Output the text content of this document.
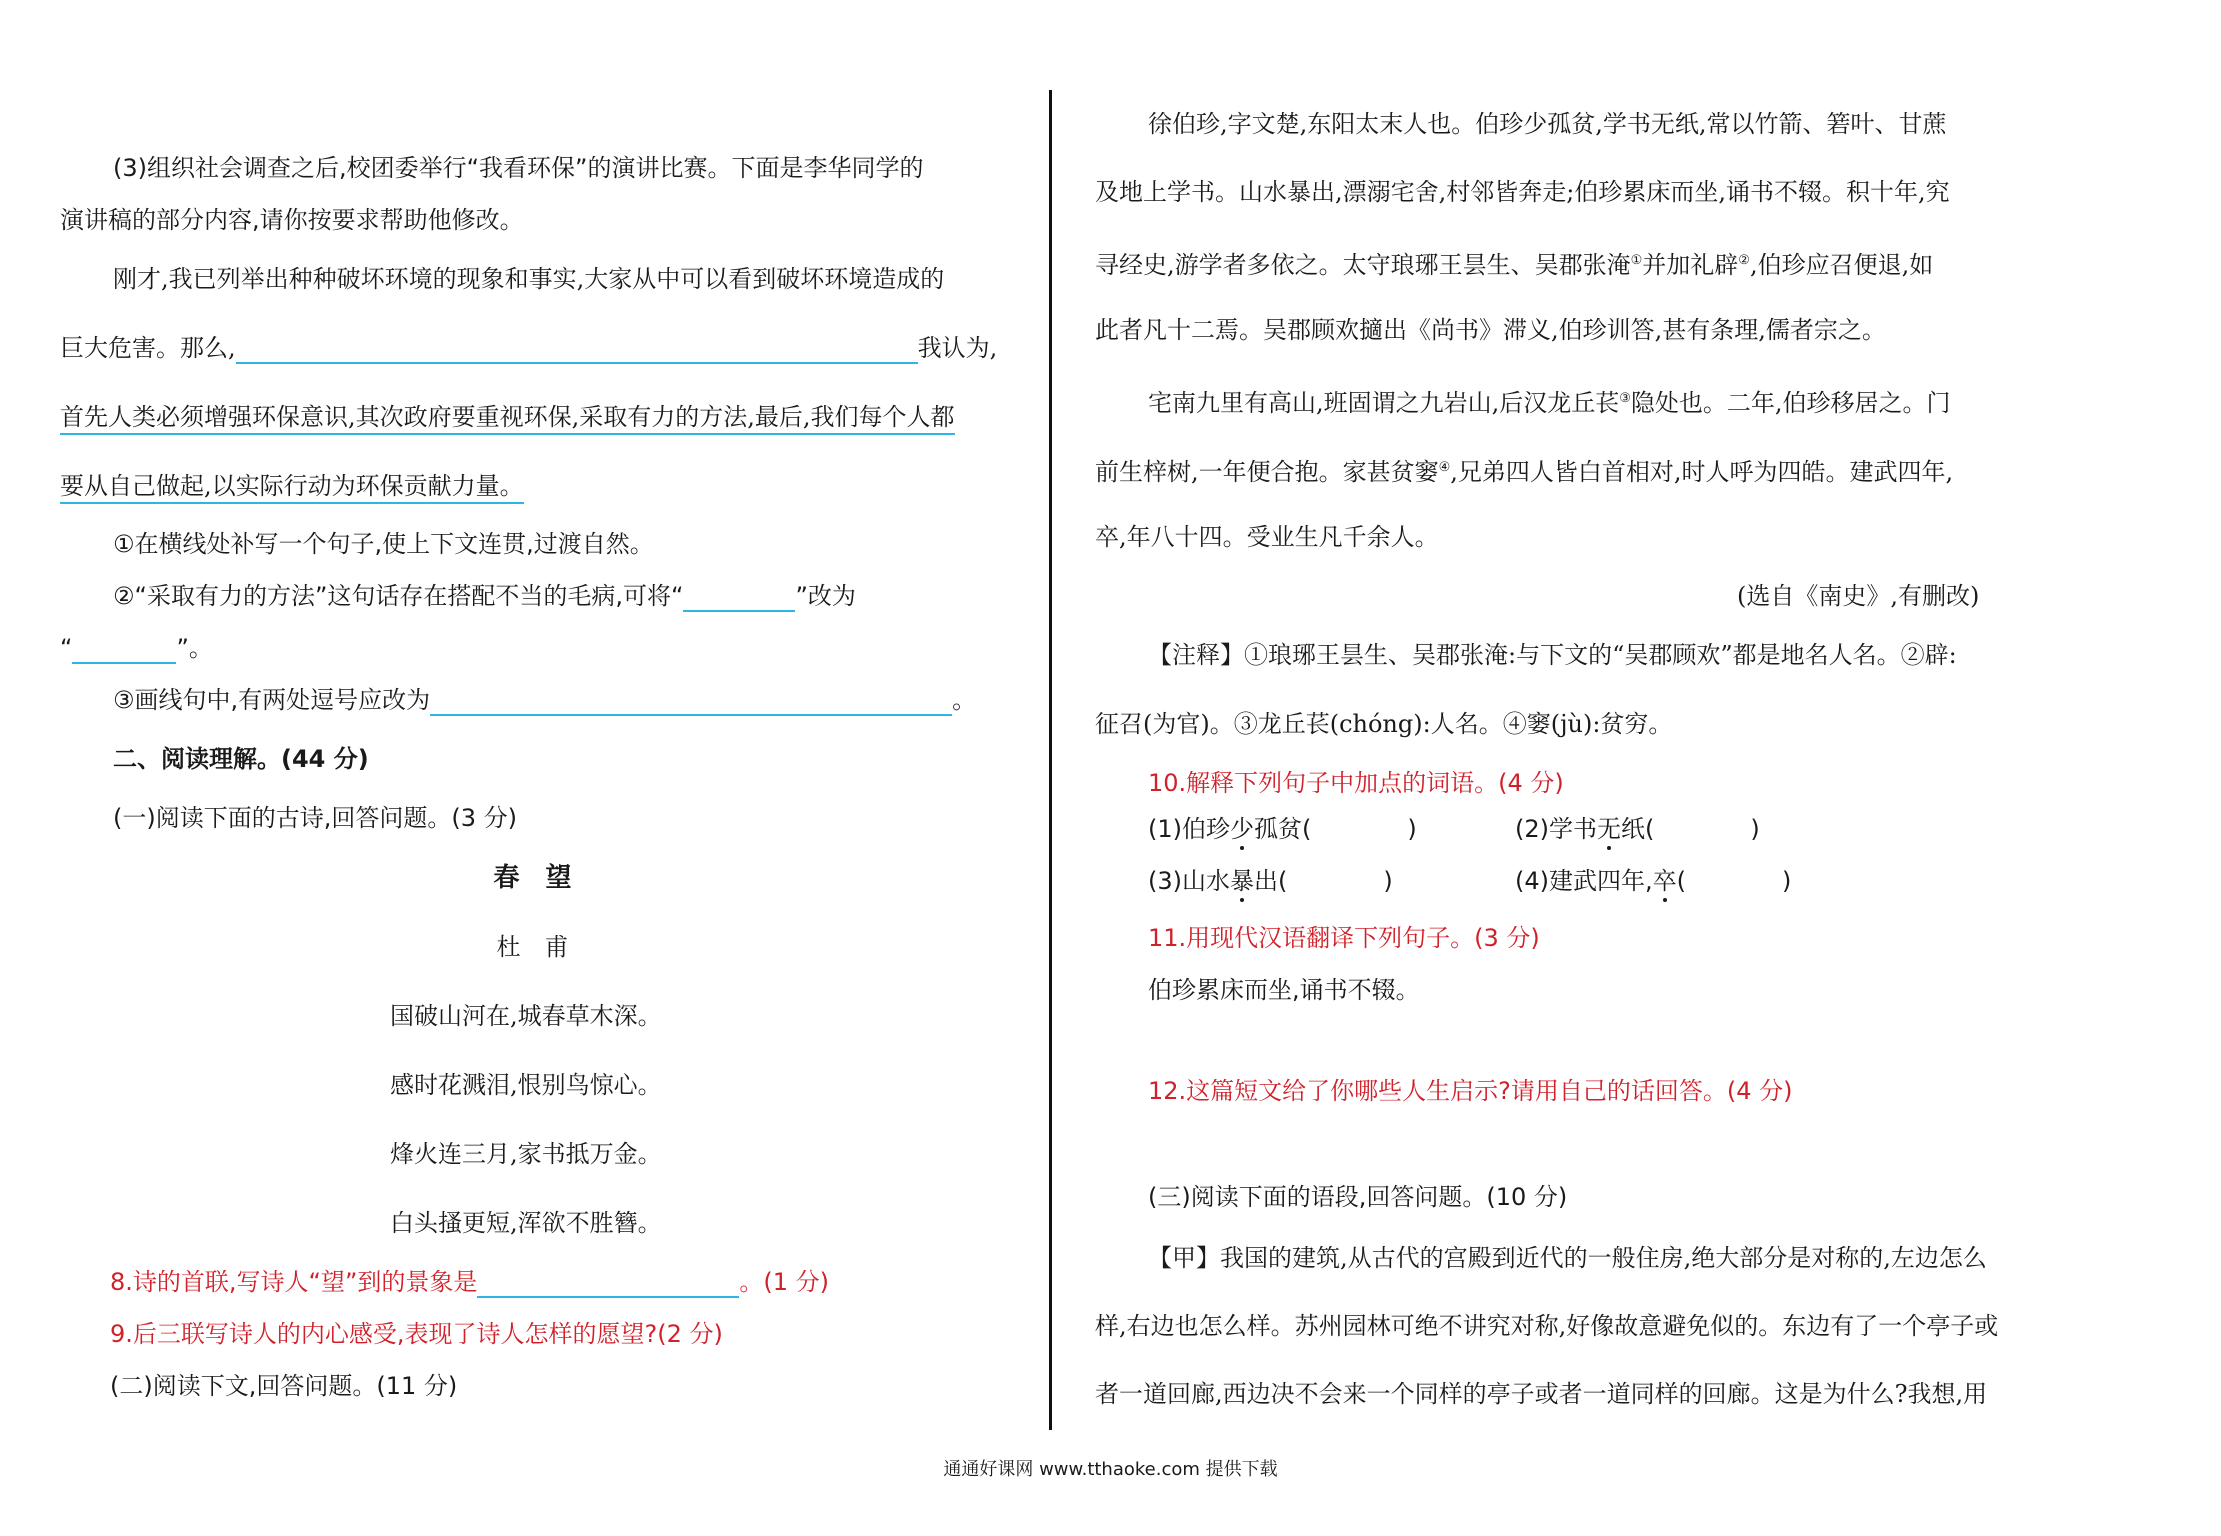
(3)组织社会调查之后,校团委举行“我看环保”的演讲比赛。下面是李华同学的
演讲稿的部分内容,请你按要求帮助他修改。
刚才,我已列举出种种破坏环境的现象和事实,大家从中可以看到破坏环境造成的
巨大危害。那么,	我认为,
首先人类必须增强环保意识,其次政府要重视环保,采取有力的方法,最后,我们每个人都
要从自己做起,以实际行动为环保贡献力量。
①在横线处补写一个句子,使上下文连贯,过渡自然。
②“采取有力的方法”这句话存在搭配不当的毛病,可将“	”改为
“	”。
③画线句中,有两处逗号应改为	。
二、阅读理解。(44 分)
(一)阅读下面的古诗,回答问题。(3 分)
春　望
杜　甫
国破山河在,城春草木深。
感时花溅泪,恨别鸟惊心。
烽火连三月,家书抵万金。
白头搔更短,浑欲不胜簪。
8.诗的首联,写诗人“望”到的景象是	。(1 分)
9.后三联写诗人的内心感受,表现了诗人怎样的愿望?(2 分)
(二)阅读下文,回答问题。(11 分)
徐伯珍,字文楚,东阳太末人也。伯珍少孤贫,学书无纸,常以竹箭、箬叶、甘蔗
及地上学书。山水暴出,漂溺宅舍,村邻皆奔走;伯珍累床而坐,诵书不辍。积十年,究
寻经史,游学者多依之。太守琅琊王昙生、吴郡张淹①并加礼辟②,伯珍应召便退,如
此者凡十二焉。吴郡顾欢擿出《尚书》滞义,伯珍训答,甚有条理,儒者宗之。
宅南九里有高山,班固谓之九岩山,后汉龙丘苌③隐处也。二年,伯珍移居之。门
前生梓树,一年便合抱。家甚贫窭④,兄弟四人皆白首相对,时人呼为四皓。建武四年,
卒,年八十四。受业生凡千余人。
(选自《南史》,有删改)
【注释】①琅琊王昙生、吴郡张淹:与下文的“吴郡顾欢”都是地名人名。②辟:
征召(为官)。③龙丘苌(chóng):人名。④窭(jù):贫穷。
10.解释下列句子中加点的词语。(4 分)
(1)伯珍少孤贫(　　　　)	(2)学书无纸(　　　　)
(3)山水暴出(　　　　)	(4)建武四年,卒(　　　　)
11.用现代汉语翻译下列句子。(3 分)
伯珍累床而坐,诵书不辍。
12.这篇短文给了你哪些人生启示?请用自己的话回答。(4 分)
(三)阅读下面的语段,回答问题。(10 分)
【甲】我国的建筑,从古代的宫殿到近代的一般住房,绝大部分是对称的,左边怎么
样,右边也怎么样。苏州园林可绝不讲究对称,好像故意避免似的。东边有了一个亭子或
者一道回廊,西边决不会来一个同样的亭子或者一道同样的回廊。这是为什么?我想,用
通通好课网 www.tthaoke.com 提供下载
